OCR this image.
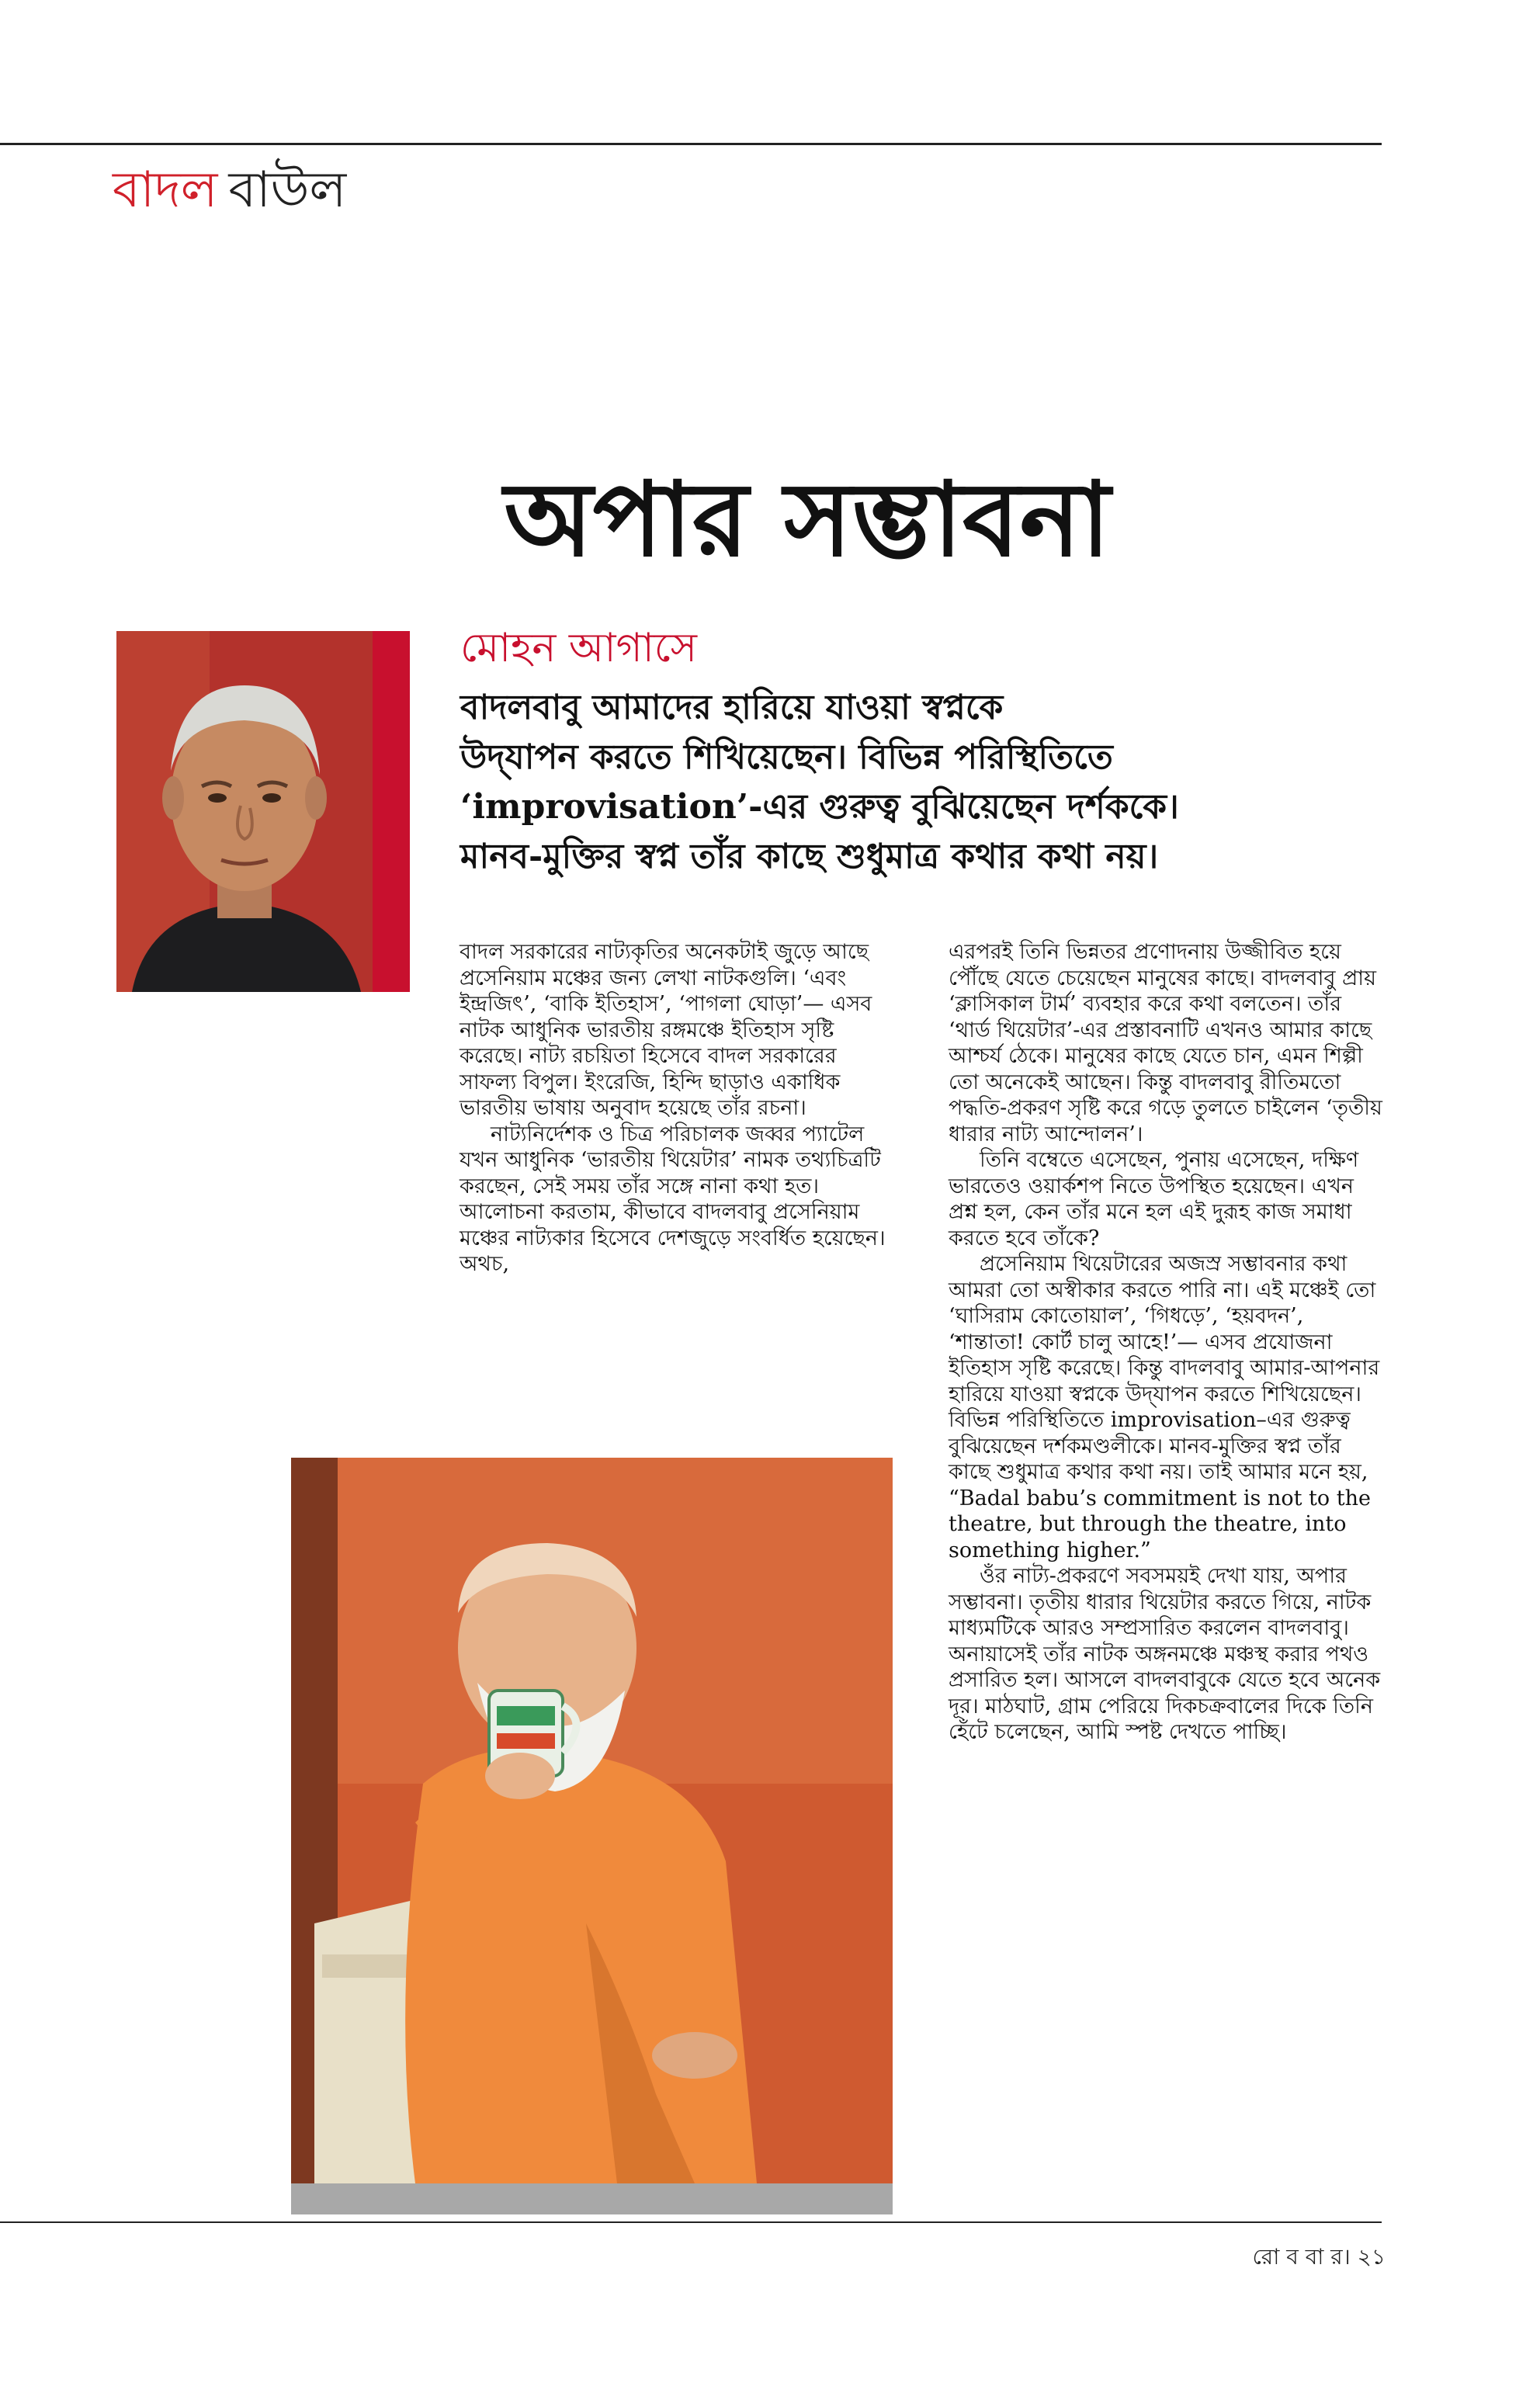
বাদল বাউল
অপার সম্ভাবনা
মোহন আগাসে

বাদলবাবু আমাদের হারিয়ে যাওয়া স্বপ্নকে

উদ্‌যাপন করতে শিখিয়েছেন। বিভিন্ন পরিস্থিতিতে

‘improvisation’-এর গুরুত্ব বুঝিয়েছেন দর্শককে।

মানব-মুক্তির স্বপ্ন তাঁর কাছে শুধুমাত্র কথার কথা নয়।

বাদল সরকারের নাট্যকৃতির অনেকটাই জুড়ে আছে প্রসেনিয়াম মঞ্চের জন্য লেখা নাটকগুলি। ‘এবং ইন্দ্রজিৎ’, ‘বাকি ইতিহাস’, ‘পাগলা ঘোড়া’— এসব নাটক আধুনিক ভারতীয় রঙ্গমঞ্চে ইতিহাস সৃষ্টি করেছে। নাট্য রচয়িতা হিসেবে বাদল সরকারের সাফল্য বিপুল। ইংরেজি, হিন্দি ছাড়াও একাধিক ভারতীয় ভাষায় অনুবাদ হয়েছে তাঁর রচনা।

নাট্যনির্দেশক ও চিত্র পরিচালক জব্বর প্যাটেল যখন আধুনিক ‘ভারতীয় থিয়েটার’ নামক তথ্যচিত্রটি করছেন, সেই সময় তাঁর সঙ্গে নানা কথা হত। আলোচনা করতাম, কীভাবে বাদলবাবু প্রসেনিয়াম মঞ্চের নাট্যকার হিসেবে দেশজুড়ে সংবর্ধিত হয়েছেন। অথচ,

এরপরই তিনি ভিন্নতর প্রণোদনায় উজ্জীবিত হয়ে পৌঁছে যেতে চেয়েছেন মানুষের কাছে। বাদলবাবু প্রায় ‘ক্লাসিকাল টার্ম’ ব্যবহার করে কথা বলতেন। তাঁর ‘থার্ড থিয়েটার’-এর প্রস্তাবনাটি এখনও আমার কাছে আশ্চর্য ঠেকে। মানুষের কাছে যেতে চান, এমন শিল্পী তো অনেকেই আছেন। কিন্তু বাদলবাবু রীতিমতো পদ্ধতি-প্রকরণ সৃষ্টি করে গড়ে তুলতে চাইলেন ‘তৃতীয় ধারার নাট্য আন্দোলন’।

তিনি বম্বেতে এসেছেন, পুনায় এসেছেন, দক্ষিণ ভারতেও ওয়ার্কশপ নিতে উপস্থিত হয়েছেন। এখন প্রশ্ন হল, কেন তাঁর মনে হল এই দুরূহ কাজ সমাধা করতে হবে তাঁকে?

প্রসেনিয়াম থিয়েটারের অজস্র সম্ভাবনার কথা আমরা তো অস্বীকার করতে পারি না। এই মঞ্চেই তো ‘ঘাসিরাম কোতোয়াল’, ‘গিধড়ে’, ‘হয়বদন’, ‘শান্তাতা! কোর্ট চালু আহে!’— এসব প্রযোজনা ইতিহাস সৃষ্টি করেছে। কিন্তু বাদলবাবু আমার-আপনার হারিয়ে যাওয়া স্বপ্নকে উদ্‌যাপন করতে শিখিয়েছেন। বিভিন্ন পরিস্থিতিতে improvisation–এর গুরুত্ব বুঝিয়েছেন দর্শকমণ্ডলীকে। মানব-মুক্তির স্বপ্ন তাঁর কাছে শুধুমাত্র কথার কথা নয়। তাই আমার মনে হয়, “Badal babu’s commitment is not to the theatre, but through the theatre, into something higher.”

ওঁর নাট্য-প্রকরণে সবসময়ই দেখা যায়, অপার সম্ভাবনা। তৃতীয় ধারার থিয়েটার করতে গিয়ে, নাটক মাধ্যমটিকে আরও সম্প্রসারিত করলেন বাদলবাবু। অনায়াসেই তাঁর নাটক অঙ্গনমঞ্চে মঞ্চস্থ করার পথও প্রসারিত হল। আসলে বাদলবাবুকে যেতে হবে অনেক দূর। মাঠঘাট, গ্রাম পেরিয়ে দিকচক্রবালের দিকে তিনি হেঁটে চলেছেন, আমি স্পষ্ট দেখতে পাচ্ছি।

রো ব বা র। ২১
